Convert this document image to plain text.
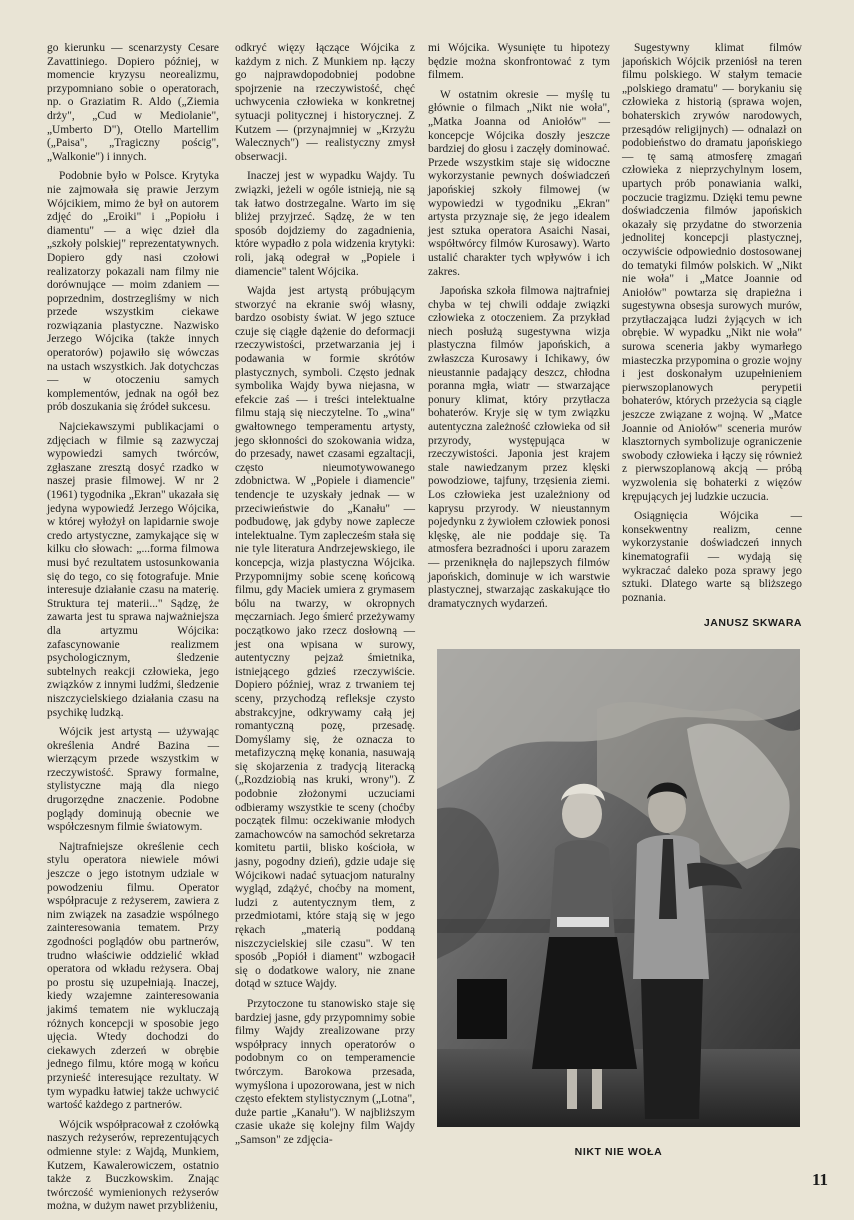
go kierunku — scenarzysty Cesare Zavattiniego. Dopiero później, w momencie kryzysu neorealizmu, przypomniano sobie o operatorach, np. o Graziatim R. Aldo („Ziemia drży", „Cud w Mediolanie", „Umberto D"), Otello Martellim („Paisa", „Tragiczny pościg", „Walkonie") i innych.

Podobnie było w Polsce. Krytyka nie zajmowała się prawie Jerzym Wójcikiem, mimo że był on autorem zdjęć do „Eroiki" i „Popiołu i diamentu" — a więc dzieł dla „szkoły polskiej" reprezentatywnych. Dopiero gdy nasi czołowi realizatorzy pokazali nam filmy nie dorównujące — moim zdaniem — poprzednim, dostrzegliśmy w nich przede wszystkim ciekawe rozwiązania plastyczne. Nazwisko Jerzego Wójcika (także innych operatorów) pojawiło się wówczas na ustach wszystkich. Jak dotychczas — w otoczeniu samych komplementów, jednak na ogół bez prób doszukania się źródeł sukcesu.

Najciekawszymi publikacjami o zdjęciach w filmie są zazwyczaj wypowiedzi samych twórców, zgłaszane zresztą dosyć rzadko w naszej prasie filmowej. W nr 2 (1961) tygodnika „Ekran" ukazała się jedyna wypowiedź Jerzego Wójcika, w której wyłożył on lapidarnie swoje credo artystyczne, zamykające się w kilku cło słowach: „...forma filmowa musi być rezultatem ustosunkowania się do tego, co się fotografuje. Mnie interesuje działanie czasu na materię. Struktura tej materii..." Sądzę, że zawarta jest tu sprawa najważniejsza dla artyzmu Wójcika: zafascynowanie realizmem psychologicznym, śledzenie subtelnych reakcji człowieka, jego związków z innymi ludźmi, śledzenie niszczycielskiego działania czasu na psychikę ludzką.

Wójcik jest artystą — używając określenia André Bazina — wierzącym przede wszystkim w rzeczywistość. Sprawy formalne, stylistyczne mają dla niego drugorzędne znaczenie. Podobne poglądy dominują obecnie we współczesnym filmie światowym.

Najtrafniejsze określenie cech stylu operatora niewiele mówi jeszcze o jego istotnym udziale w powodzeniu filmu. Operator współpracuje z reżyserem, zawiera z nim związek na zasadzie wspólnego zainteresowania tematem. Przy zgodności poglądów obu partnerów, trudno właściwie oddzielić wkład operatora od wkładu reżysera. Obaj po prostu się uzupełniają. Inaczej, kiedy wzajemne zainteresowania jakimś tematem nie wykluczają różnych koncepcji w sposobie jego ujęcia. Wtedy dochodzi do ciekawych zderzeń w obrębie jednego filmu, które mogą w końcu przynieść interesujące rezultaty. W tym wypadku łatwiej także uchwycić wartość każdego z partnerów.

Wójcik współpracował z czołówką naszych reżyserów, reprezentujących odmienne style: z Wajdą, Munkiem, Kutzem, Kawalerowiczem, ostatnio także z Buczkowskim. Znając twórczość wymienionych reżyserów można, w dużym nawet przybliżeniu,

odkryć więzy łączące Wójcika z każdym z nich. Z Munkiem np. łączy go najprawdopodobniej podobne spojrzenie na rzeczywistość, chęć uchwycenia człowieka w konkretnej sytuacji politycznej i historycznej. Z Kutzem — (przynajmniej w „Krzyżu Walecznych") — realistyczny zmysł obserwacji.

Inaczej jest w wypadku Wajdy. Tu związki, jeżeli w ogóle istnieją, nie są tak łatwo dostrzegalne. Warto im się bliżej przyjrzeć. Sądzę, że w ten sposób dojdziemy do zagadnienia, które wypadło z pola widzenia krytyki: roli, jaką odegrał w „Popiele i diamencie" talent Wójcika.

Wajda jest artystą próbującym stworzyć na ekranie swój własny, bardzo osobisty świat. W jego sztuce czuje się ciągłe dążenie do deformacji rzeczywistości, przetwarzania jej i podawania w formie skrótów plastycznych, symboli. Często jednak symbolika Wajdy bywa niejasna, w efekcie zaś — i treści intelektualne filmu stają się nieczytelne. To „wina" gwałtownego temperamentu artysty, jego skłonności do szokowania widza, do przesady, nawet czasami egzaltacji, często nieumotywowanego zdobnictwa. W „Popiele i diamencie" tendencje te uzyskały jednak — w przeciwieństwie do „Kanału" — podbudowę, jak gdyby nowe zaplecze intelektualne. Tym zaplecześm stała się nie tyle literatura Andrzejewskiego, ile koncepcja, wizja plastyczna Wójcika. Przypomnijmy sobie scenę końcową filmu, gdy Maciek umiera z grymasem bólu na twarzy, w okropnych męczarniach. Jego śmierć przeżywamy początkowo jako rzecz dosłowną — jest ona wpisana w surowy, autentyczny pejzaż śmietnika, istniejącego gdzieś rzeczywiście. Dopiero później, wraz z trwaniem tej sceny, przychodzą refleksje czysto abstrakcyjne, odkrywamy całą jej romantyczną pozę, przesadę. Domyślamy się, że oznacza to metafizyczną mękę konania, nasuwają się skojarzenia z tradycją literacką („Rozdziobią nas kruki, wrony"). Z podobnie złożonymi uczuciami odbieramy wszystkie te sceny (choćby początek filmu: oczekiwanie młodych zamachowców na samochód sekretarza komitetu partii, blisko kościoła, w jasny, pogodny dzień), gdzie udaje się Wójcikowi nadać sytuacjom naturalny wygląd, zdążyć, choćby na moment, ludzi z autentycznym tłem, z przedmiotami, które stają się w jego rękach „materią poddaną niszczycielskiej sile czasu". W ten sposób „Popiół i diament" wzbogacił się o dodatkowe walory, nie znane dotąd w sztuce Wajdy.

Przytoczone tu stanowisko staje się bardziej jasne, gdy przypomnimy sobie filmy Wajdy zrealizowane przy współpracy innych operatorów o podobnym co on temperamencie twórczym. Barokowa przesada, wymyślona i upozorowana, jest w nich często efektem stylistycznym („Lotna", duże partie „Kanału"). W najbliższym czasie ukaże się kolejny film Wajdy „Samson" ze zdjęcia-

mi Wójcika. Wysunięte tu hipotezy będzie można skonfrontować z tym filmem.

W ostatnim okresie — myślę tu głównie o filmach „Nikt nie woła", „Matka Joanna od Aniołów" — koncepcje Wójcika doszły jeszcze bardziej do głosu i zaczęły dominować. Przede wszystkim staje się widoczne wykorzystanie pewnych doświadczeń japońskiej szkoły filmowej (w wypowiedzi w tygodniku „Ekran" artysta przyznaje się, że jego idealem jest sztuka operatora Asaichi Nasai, współtwórcy filmów Kurosawy). Warto ustalić charakter tych wpływów i ich zakres.

Japońska szkoła filmowa najtrafniej chyba w tej chwili oddaje związki człowieka z otoczeniem. Za przykład niech posłużą sugestywna wizja plastyczna filmów japońskich, a zwłaszcza Kurosawy i Ichikawy, ów nieustannie padający deszcz, chłodna poranna mgła, wiatr — stwarzające ponury klimat, który przytłacza bohaterów. Kryje się w tym związku autentyczna zależność człowieka od sił przyrody, występująca w rzeczywistości. Japonia jest krajem stale nawiedzanym przez klęski powodziowe, tajfuny, trzęsienia ziemi. Los człowieka jest uzależniony od kaprysu przyrody. W nieustannym pojedynku z żywiołem człowiek ponosi klęskę, ale nie poddaje się. Ta atmosfera bezradności i uporu zarazem — przeniknęła do najlepszych filmów japońskich, dominuje w ich warstwie plastycznej, stwarzając zaskakujące tło dramatycznych wydarzeń.

Sugestywny klimat filmów japońskich Wójcik przeniósł na teren filmu polskiego. W stałym temacie „polskiego dramatu" — borykaniu się człowieka z historią (sprawa wojen, bohaterskich zrywów narodowych, przesądów religijnych) — odnalazł on podobieństwo do dramatu japońskiego — tę samą atmosferę zmagań człowieka z nieprzychylnym losem, upartych prób ponawiania walki, poczucie tragizmu. Dzięki temu pewne doświadczenia filmów japońskich okazały się przydatne do stworzenia jednolitej koncepcji plastycznej, oczywiście odpowiednio dostosowanej do tematyki filmów polskich. W „Nikt nie woła" i „Matce Joannie od Aniołów" powtarza się drapieżna i sugestywna obsesja surowych murów, przytłaczająca ludzi żyjących w ich obrębie. W wypadku „Nikt nie woła" surowa sceneria jakby wymarłego miasteczka przypomina o grozie wojny i jest doskonałym uzupełnieniem pierwszoplanowych perypetii bohaterów, których przeżycia są ciągle jeszcze związane z wojną. W „Matce Joannie od Aniołów" sceneria murów klasztornych symbolizuje ograniczenie swobody człowieka i łączy się również z pierwszoplanową akcją — próbą wyzwolenia się bohaterki z więzów krępujących jej ludzkie uczucia.

Osiągnięcia Wójcika — konsekwentny realizm, cenne wykorzystanie doświadczeń innych kinematografii — wydają się wykraczać daleko poza sprawy jego sztuki. Dlatego warte są bliższego poznania.

JANUSZ SKWARA
NIKT NIE WOŁA
11
